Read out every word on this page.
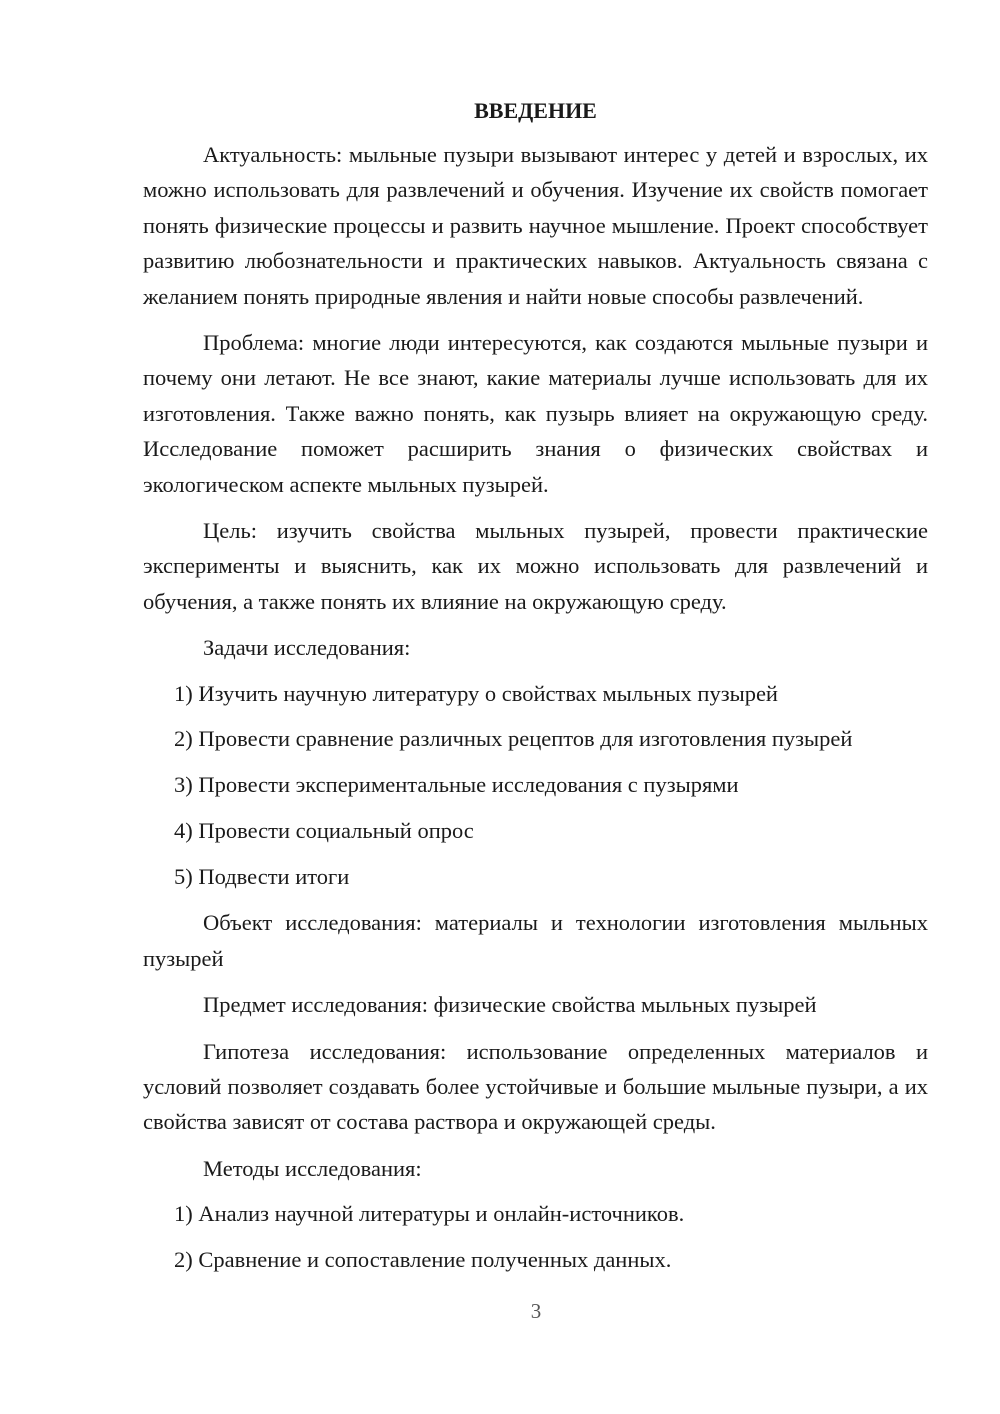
ВВЕДЕНИЕ

Актуальность: мыльные пузыри вызывают интерес у детей и взрослых, их можно использовать для развлечений и обучения. Изучение их свойств помогает понять физические процессы и развить научное мышление. Проект способствует развитию любознательности и практических навыков. Актуальность связана с желанием понять природные явления и найти новые способы развлечений.

Проблема: многие люди интересуются, как создаются мыльные пузыри и почему они летают. Не все знают, какие материалы лучше использовать для их изготовления. Также важно понять, как пузырь влияет на окружающую среду. Исследование поможет расширить знания о физических свойствах и экологическом аспекте мыльных пузырей.

Цель: изучить свойства мыльных пузырей, провести практические эксперименты и выяснить, как их можно использовать для развлечений и обучения, а также понять их влияние на окружающую среду.

Задачи исследования:
1) Изучить научную литературу о свойствах мыльных пузырей
2) Провести сравнение различных рецептов для изготовления пузырей
3) Провести экспериментальные исследования с пузырями
4) Провести социальный опрос
5) Подвести итоги

Объект исследования: материалы и технологии изготовления мыльных пузырей

Предмет исследования: физические свойства мыльных пузырей

Гипотеза исследования: использование определенных материалов и условий позволяет создавать более устойчивые и большие мыльные пузыри, а их свойства зависят от состава раствора и окружающей среды.

Методы исследования:
1) Анализ научной литературы и онлайн-источников.
2) Сравнение и сопоставление полученных данных.
3
